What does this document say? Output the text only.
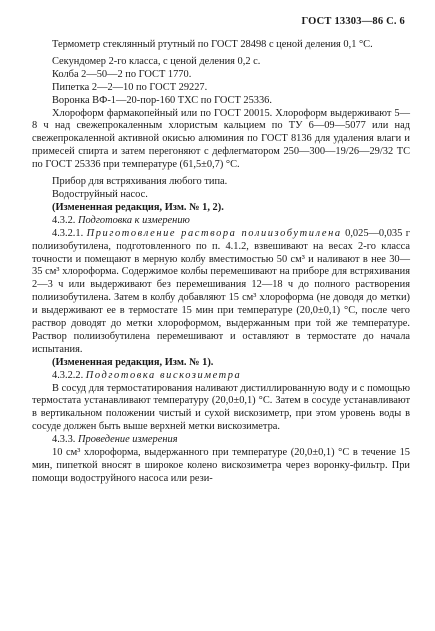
ГОСТ 13303—86 С. 6

Термометр стеклянный ртутный по ГОСТ 28498 с ценой деления 0,1 °С.

Секундомер 2-го класса, с ценой деления 0,2 с.

Колба 2—50—2 по ГОСТ 1770.

Пипетка 2—2—10 по ГОСТ 29227.

Воронка ВФ-1—20-пор-160 ТХС по ГОСТ 25336.

Хлороформ фармакопейный или по ГОСТ 20015. Хлороформ выдерживают 5—8 ч над свежепрокаленным хлористым кальцием по ТУ 6—09—5077 или над свежепрокаленной активной окисью алюминия по ГОСТ 8136 для удаления влаги и примесей спирта и затем перегоняют с дефлегматором 250—300—19/26—29/32 ТС по ГОСТ 25336 при температуре (61,5±0,7) °С.

Прибор для встряхивания любого типа.

Водоструйный насос.

(Измененная редакция, Изм. № 1, 2).

4.3.2. Подготовка к измерению

4.3.2.1. Приготовление раствора полиизобутилена 0,025—0,035 г полиизобутилена, подготовленного по п. 4.1.2, взвешивают на весах 2-го класса точности и помещают в мерную колбу вместимостью 50 см³ и наливают в нее 30—35 см³ хлороформа. Содержимое колбы перемешивают на приборе для встряхивания 2—3 ч или выдерживают без перемешивания 12—18 ч до полного растворения полиизобутилена. Затем в колбу добавляют 15 см³ хлороформа (не доводя до метки) и выдерживают ее в термостате 15 мин при температуре (20,0±0,1) °С, после чего раствор доводят до метки хлороформом, выдержанным при той же температуре. Раствор полиизобутилена перемешивают и оставляют в термостате до начала испытания.

(Измененная редакция, Изм. № 1).

4.3.2.2. Подготовка вискозиметра

В сосуд для термостатирования наливают дистиллированную воду и с помощью термостата устанавливают температуру (20,0±0,1) °С. Затем в сосуде устанавливают в вертикальном положении чистый и сухой вискозиметр, при этом уровень воды в сосуде должен быть выше верхней метки вискозиметра.

4.3.3. Проведение измерения

10 см³ хлороформа, выдержанного при температуре (20,0±0,1) °С в течение 15 мин, пипеткой вносят в широкое колено вискозиметра через воронку-фильтр. При помощи водоструйного насоса или рези-
